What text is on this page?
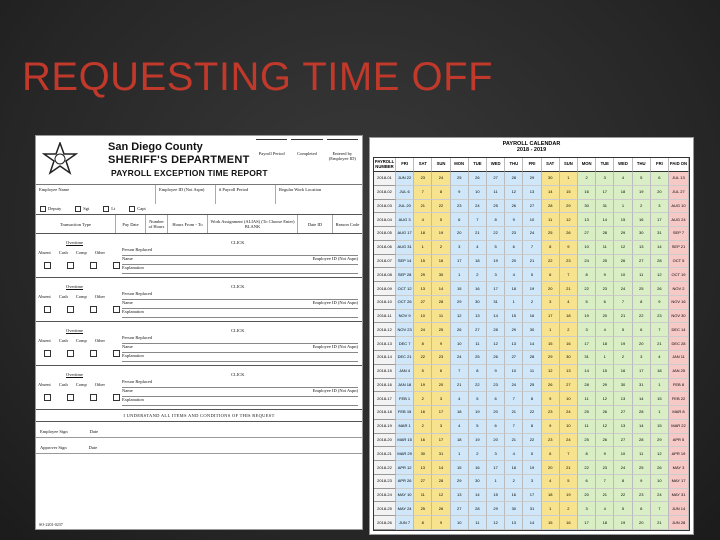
REQUESTING TIME OFF
San Diego County
SHERIFF'S DEPARTMENT
PAYROLL EXCEPTION TIME REPORT
Payroll Period	Completed	Entered by (Employee ID)
Employee Name	Employee ID (Not Aspn)	# Payroll Period	Regular Work Location
Deputy	Sgt	Lt	Capt
Transaction Type	Pay Date	Number of Hours	Hours From - To	Work Assignment (ALIAS) (To Choose Enter) BLANK	Date ID	Reason Code
Overtime	CLICK
Absent Cash Comp Other
Person Replaced
Name	Employee ID (Not Aspn)
Explanation
Overtime	CLICK
Absent Cash Comp Other
Person Replaced
Name	Employee ID (Not Aspn)
Explanation
Overtime	CLICK
Absent Cash Comp Other
Person Replaced
Name	Employee ID (Not Aspn)
Explanation
Overtime	CLICK
Absent Cash Comp Other
Person Replaced
Name	Employee ID (Not Aspn)
Explanation
I UNDERSTAND ALL ITEMS AND CONDITIONS OF THIS REQUEST
Employee Sign	Date
Approver Sign	Date
SO-2201-0237
PAYROLL CALENDAR
2018 - 2019
PAYROLL NUMBER	FRI	SAT	SUN	MON	TUE	WED	THU	FRI	SAT	SUN	MON	TUE	WED	THU	FRI	PAID ON
2018-01	JUN 22	23	24	25	26	27	28	29	30	1	2	3	4	5	6	JUL 13
2018-02	JUL 6	7	8	9	10	11	12	13	14	15	16	17	18	19	20	JUL 27
2018-03	JUL 20	21	22	23	24	25	26	27	28	29	30	31	1	2	3	AUG 10
2018-04	AUG 3	4	5	6	7	8	9	10	11	12	13	14	15	16	17	AUG 24
2018-05	AUG 17	18	19	20	21	22	23	24	25	26	27	28	29	30	31	SEP 7
2018-06	AUG 31	1	2	3	4	5	6	7	8	9	10	11	12	13	14	SEP 21
2018-07	SEP 14	15	16	17	18	19	20	21	22	23	24	25	26	27	28	OCT 5
2018-08	SEP 28	29	30	1	2	3	4	5	6	7	8	9	10	11	12	OCT 19
2018-09	OCT 12	13	14	15	16	17	18	19	20	21	22	23	24	25	26	NOV 2
2018-10	OCT 26	27	28	29	30	31	1	2	3	4	5	6	7	8	9	NOV 16
2018-11	NOV 9	10	11	12	13	14	15	16	17	18	19	20	21	22	23	NOV 30
2018-12	NOV 23	24	25	26	27	28	29	30	1	2	3	4	5	6	7	DEC 14
2018-13	DEC 7	8	9	10	11	12	13	14	15	16	17	18	19	20	21	DEC 28
2018-14	DEC 21	22	23	24	25	26	27	28	29	30	31	1	2	3	4	JAN 11
2018-15	JAN 4	5	6	7	8	9	10	11	12	13	14	15	16	17	18	JAN 25
2018-16	JAN 18	19	20	21	22	23	24	25	26	27	28	29	30	31	1	FEB 8
2018-17	FEB 1	2	3	4	5	6	7	8	9	10	11	12	13	14	15	FEB 22
2018-18	FEB 15	16	17	18	19	20	21	22	23	24	25	26	27	28	1	MAR 8
2018-19	MAR 1	2	3	4	5	6	7	8	9	10	11	12	13	14	15	MAR 22
2018-20	MAR 15	16	17	18	19	20	21	22	23	24	25	26	27	28	29	APR 5
2018-21	MAR 29	30	31	1	2	3	4	5	6	7	8	9	10	11	12	APR 19
2018-22	APR 12	13	14	15	16	17	18	19	20	21	22	23	24	25	26	MAY 3
2018-23	APR 26	27	28	29	30	1	2	3	4	5	6	7	8	9	10	MAY 17
2018-24	MAY 10	11	12	13	14	15	16	17	18	19	20	21	22	23	24	MAY 31
2018-25	MAY 24	25	26	27	28	29	30	31	1	2	3	4	5	6	7	JUN 14
2018-26	JUN 7	8	9	10	11	12	13	14	15	16	17	18	19	20	21	JUN 28
